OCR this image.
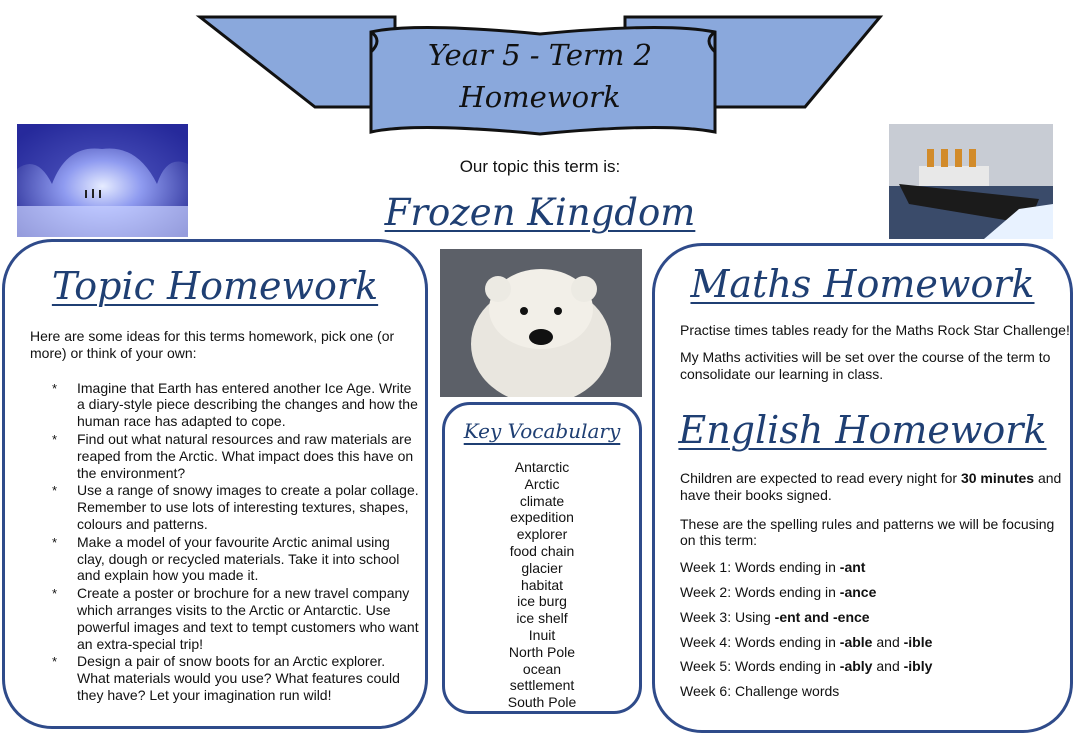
Year 5 - Term 2
Homework
Our topic this term is:
Frozen Kingdom
Topic Homework
Here are some ideas for this terms homework, pick one (or more) or think of your own:
* Imagine that Earth has entered another Ice Age. Write a diary-style piece describing the changes and how the human race has adapted to cope.
* Find out what natural resources and raw materials are reaped from the Arctic. What impact does this have on the environment?
* Use a range of snowy images to create a polar collage. Remember to use lots of interesting textures, shapes, colours and patterns.
* Make a model of your favourite Arctic animal using clay, dough or recycled materials. Take it into school and explain how you made it.
* Create a poster or brochure for a new travel company which arranges visits to the Arctic or Antarctic. Use powerful images and text to tempt customers who want an extra-special trip!
* Design a pair of snow boots for an Arctic explorer. What materials would you use? What features could they have? Let your imagination run wild!
Key Vocabulary
Antarctic
Arctic
climate
expedition
explorer
food chain
glacier
habitat
ice burg
ice shelf
Inuit
North Pole
ocean
settlement
South Pole
Maths Homework

Practise times tables ready for the Maths Rock Star Challenge!

My Maths activities will be set over the course of the term to consolidate our learning in class.

English Homework

Children are expected to read every night for 30 minutes and have their books signed.

These are the spelling rules and patterns we will be focusing on this term:

Week 1: Words ending in -ant
Week 2: Words ending in -ance
Week 3: Using -ent and -ence
Week 4: Words ending in -able and -ible
Week 5: Words ending in -ably and -ibly
Week 6: Challenge words
